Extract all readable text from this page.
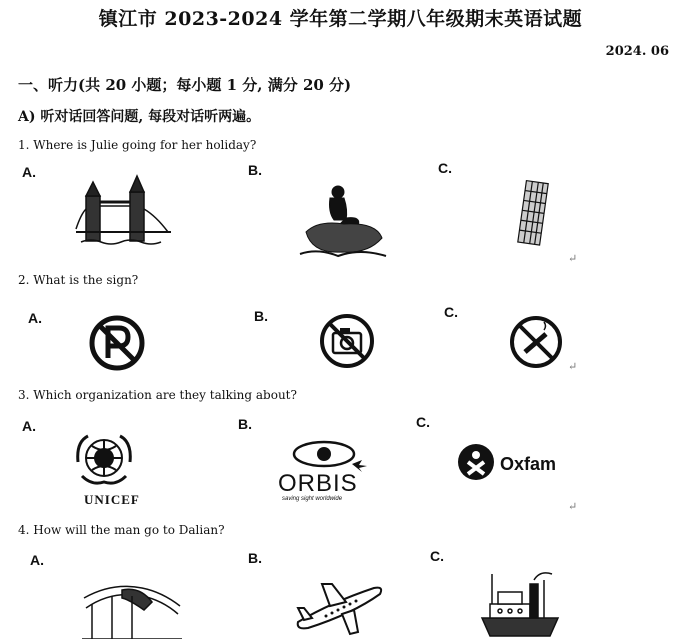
镇江市 2023-2024 学年第二学期八年级期末英语试题
2024. 06
一、听力(共 20 小题；每小题 1 分, 满分 20 分)
A) 听对话回答问题, 每段对话听两遍。
1. Where is Julie going for her holiday?
A.	B.	C.
↵
2. What is the sign?
A.	B.	C.
↵
3. Which organization are they talking about?
A.	B.	C.
UNICEF
ORBIS
saving sight worldwide
Oxfam
↵
4. How will the man go to Dalian?
A.	B.	C.
